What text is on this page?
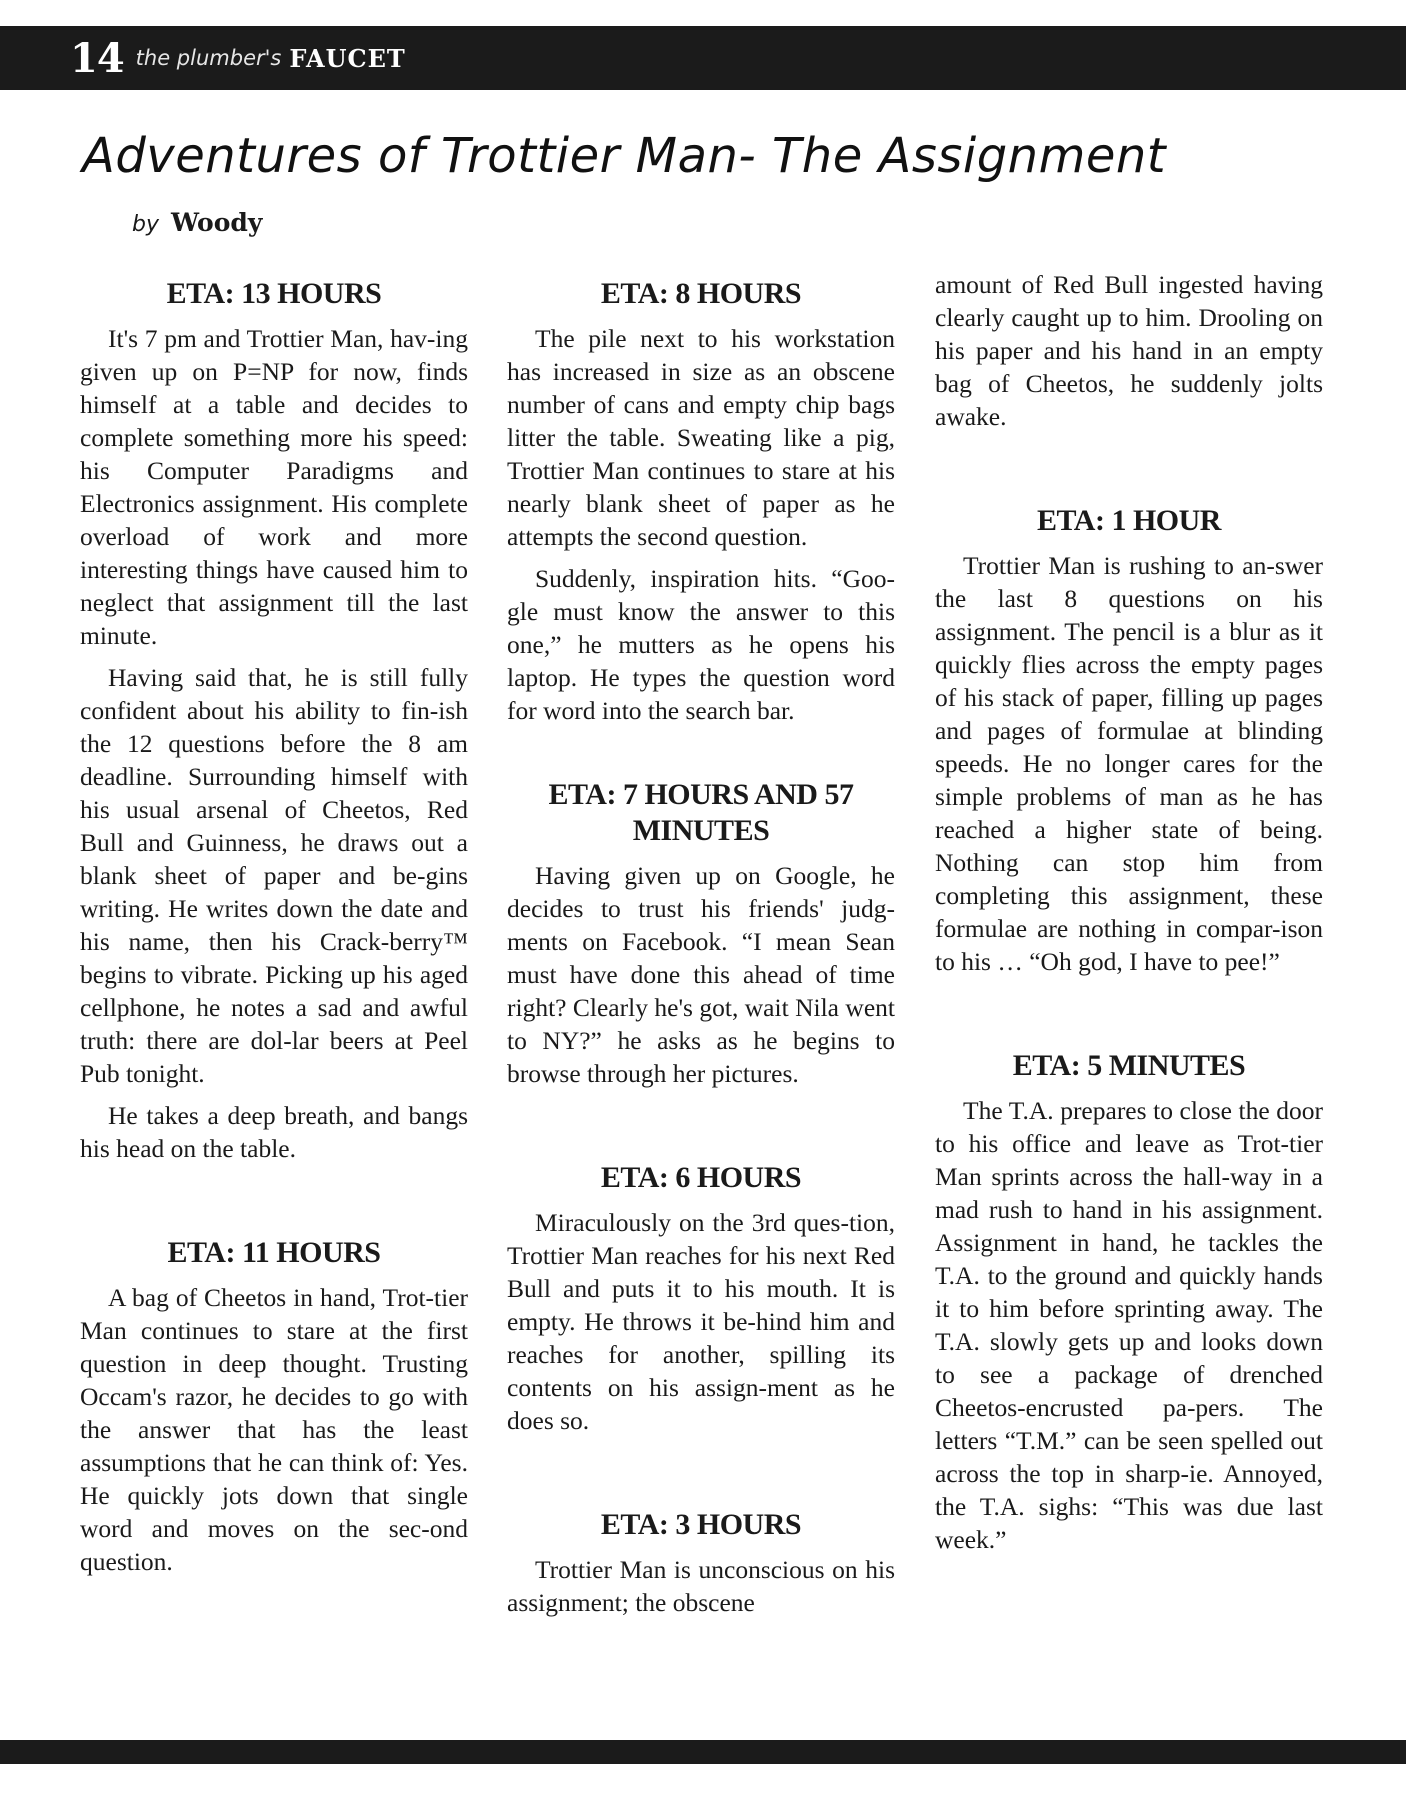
14 the plumber's FAUCET
Adventures of Trottier Man- The Assignment
by Woody
ETA: 13 HOURS

It's 7 pm and Trottier Man, hav-ing given up on P=NP for now, finds himself at a table and decides to complete something more his speed: his Computer Paradigms and Electronics assignment. His complete overload of work and more interesting things have caused him to neglect that assignment till the last minute.

Having said that, he is still fully confident about his ability to fin-ish the 12 questions before the 8 am deadline. Surrounding himself with his usual arsenal of Cheetos, Red Bull and Guinness, he draws out a blank sheet of paper and be-gins writing. He writes down the date and his name, then his Crack-berry™ begins to vibrate. Picking up his aged cellphone, he notes a sad and awful truth: there are dol-lar beers at Peel Pub tonight.

He takes a deep breath, and bangs his head on the table.

ETA: 11 HOURS

A bag of Cheetos in hand, Trot-tier Man continues to stare at the first question in deep thought. Trusting Occam's razor, he decides to go with the answer that has the least assumptions that he can think of: Yes. He quickly jots down that single word and moves on the sec-ond question.

ETA: 8 HOURS

The pile next to his workstation has increased in size as an obscene number of cans and empty chip bags litter the table. Sweating like a pig, Trottier Man continues to stare at his nearly blank sheet of paper as he attempts the second question.

Suddenly, inspiration hits. “Goo-gle must know the answer to this one,” he mutters as he opens his laptop. He types the question word for word into the search bar.

ETA: 7 HOURS AND 57 MINUTES

Having given up on Google, he decides to trust his friends' judg-ments on Facebook. “I mean Sean must have done this ahead of time right? Clearly he's got, wait Nila went to NY?” he asks as he begins to browse through her pictures.

ETA: 6 HOURS

Miraculously on the 3rd ques-tion, Trottier Man reaches for his next Red Bull and puts it to his mouth. It is empty. He throws it be-hind him and reaches for another, spilling its contents on his assign-ment as he does so.

ETA: 3 HOURS

Trottier Man is unconscious on his assignment; the obscene

amount of Red Bull ingested having clearly caught up to him. Drooling on his paper and his hand in an empty bag of Cheetos, he suddenly jolts awake.

ETA: 1 HOUR

Trottier Man is rushing to an-swer the last 8 questions on his assignment. The pencil is a blur as it quickly flies across the empty pages of his stack of paper, filling up pages and pages of formulae at blinding speeds. He no longer cares for the simple problems of man as he has reached a higher state of being. Nothing can stop him from completing this assignment, these formulae are nothing in compar-ison to his … “Oh god, I have to pee!”

ETA: 5 MINUTES

The T.A. prepares to close the door to his office and leave as Trot-tier Man sprints across the hall-way in a mad rush to hand in his assignment. Assignment in hand, he tackles the T.A. to the ground and quickly hands it to him before sprinting away. The T.A. slowly gets up and looks down to see a package of drenched Cheetos-encrusted pa-pers. The letters “T.M.” can be seen spelled out across the top in sharp-ie. Annoyed, the T.A. sighs: “This was due last week.”
